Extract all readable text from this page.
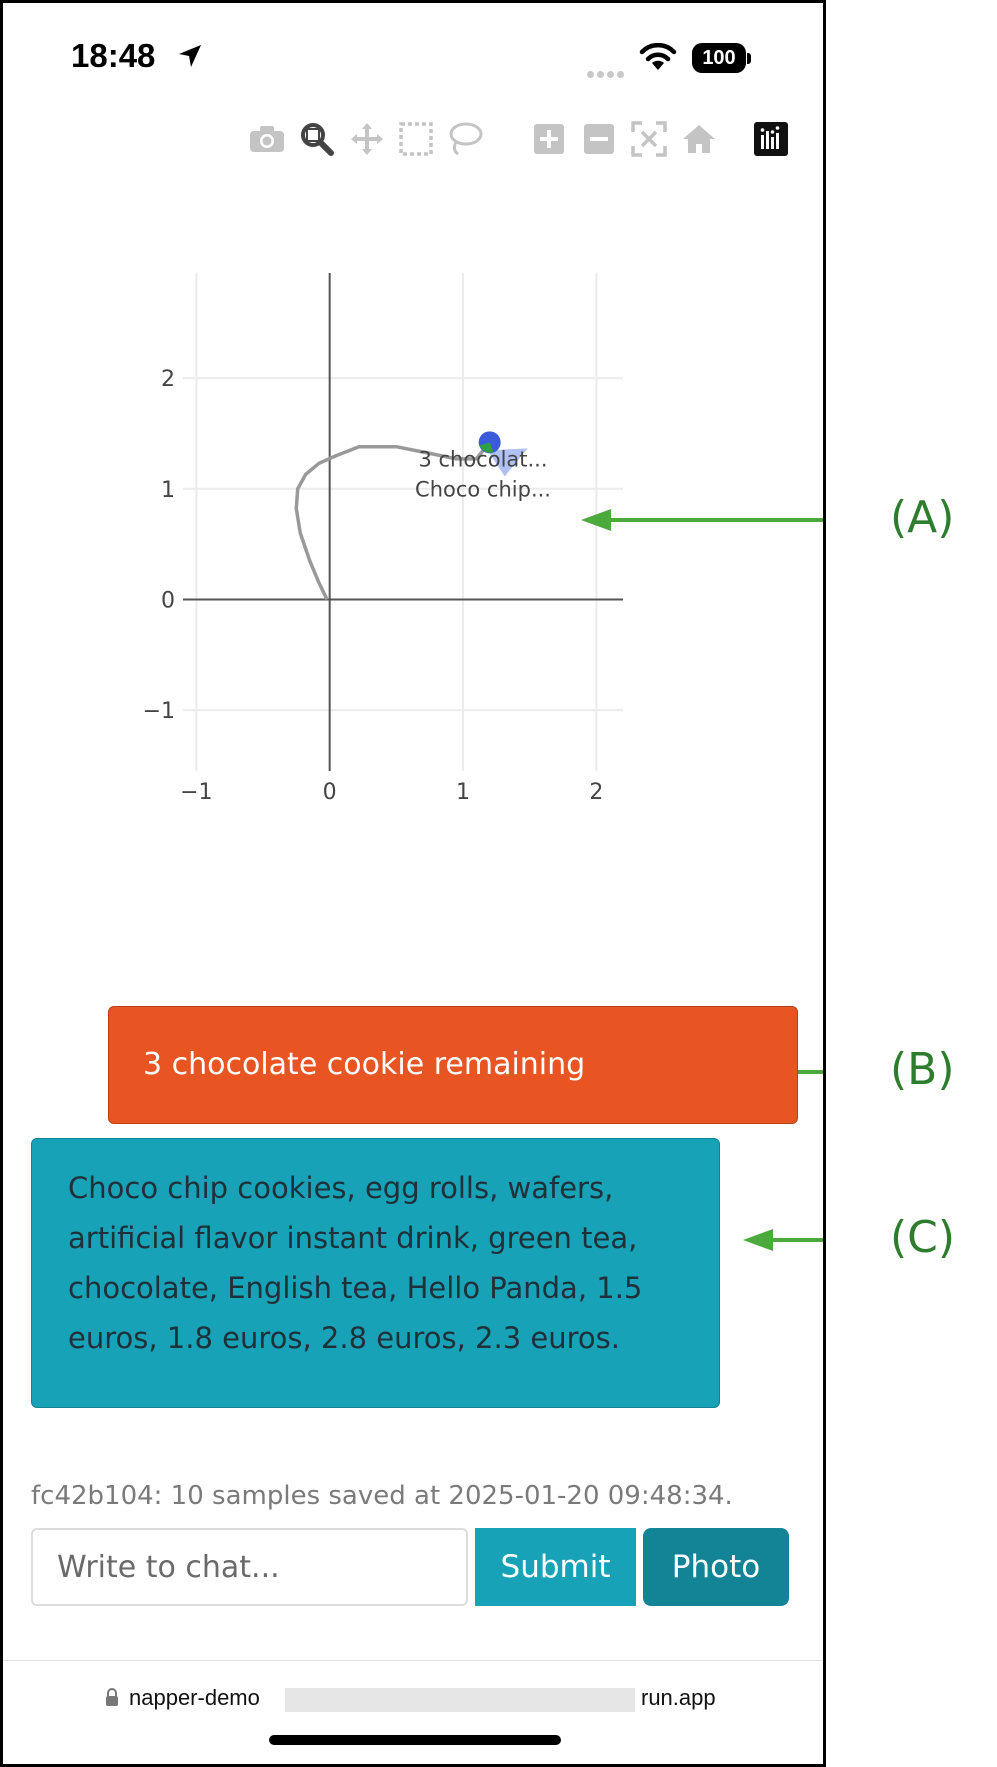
18:48	100
−1	0	1	2
2
1
0
−1
3 chocolat...
Choco chip...
3 chocolate cookie remaining
Choco chip cookies, egg rolls, wafers, artificial flavor instant drink, green tea, chocolate, English tea, Hello Panda, 1.5 euros, 1.8 euros, 2.8 euros, 2.3 euros.
fc42b104: 10 samples saved at 2025-01-20 09:48:34.
Write to chat...
Submit	Photo
napper-demo	run.app
(A)
(B)
(C)
